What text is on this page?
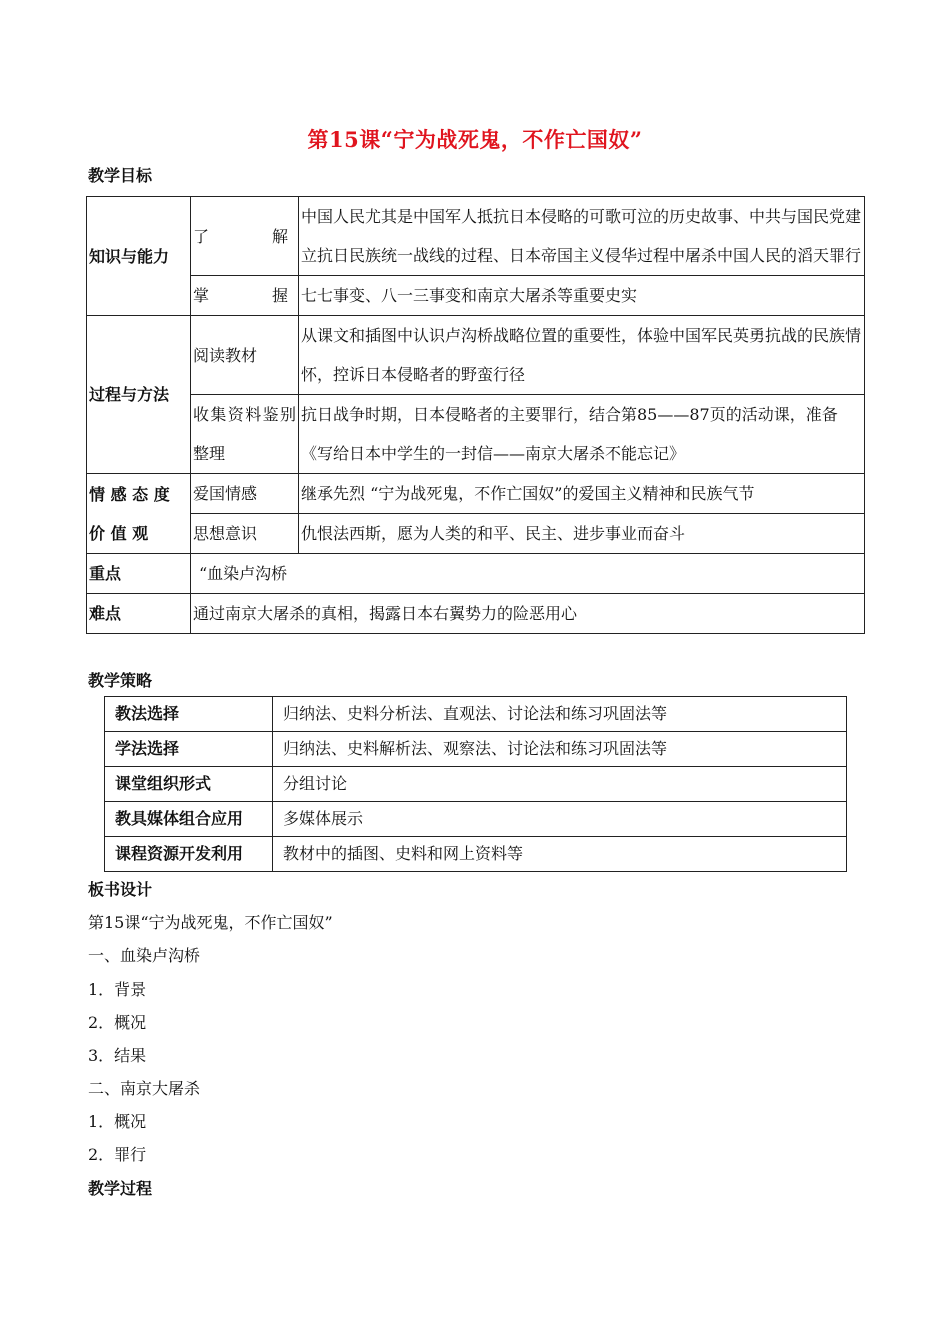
第15课“宁为战死鬼，不作亡国奴”
教学目标
知识与能力	了 解	中国人民尤其是中国军人抵抗日本侵略的可歌可泣的历史故事、中共与国民党建立抗日民族统一战线的过程、日本帝国主义侵华过程中屠杀中国人民的滔天罪行

	掌 握	七七事变、八一三事变和南京大屠杀等重要史实
过程与方法	阅读教材	从课文和插图中认识卢沟桥战略位置的重要性，体验中国军民英勇抗战的民族情怀，控诉日本侵略者的野蛮行径
	收集资料鉴别整理	抗日战争时期，日本侵略者的主要罪行，结合第85——87页的活动课，准备《写给日本中学生的一封信——南京大屠杀不能忘记》
情 感 态 度 价 值 观	爱国情感	继承先烈 “宁为战死鬼，不作亡国奴”的爱国主义精神和民族气节
	思想意识	仇恨法西斯，愿为人类的和平、民主、进步事业而奋斗
重点	“血染卢沟桥	
难点	通过南京大屠杀的真相，揭露日本右翼势力的险恶用心	
教学策略
教法选择	归纳法、史料分析法、直观法、讨论法和练习巩固法等
学法选择	归纳法、史料解析法、观察法、讨论法和练习巩固法等
课堂组织形式	分组讨论
教具媒体组合应用	多媒体展示
课程资源开发利用	教材中的插图、史料和网上资料等
板书设计
第15课“宁为战死鬼，不作亡国奴”
一、血染卢沟桥
1．背景
2．概况
3．结果
二、南京大屠杀
1．概况
2．罪行
教学过程
